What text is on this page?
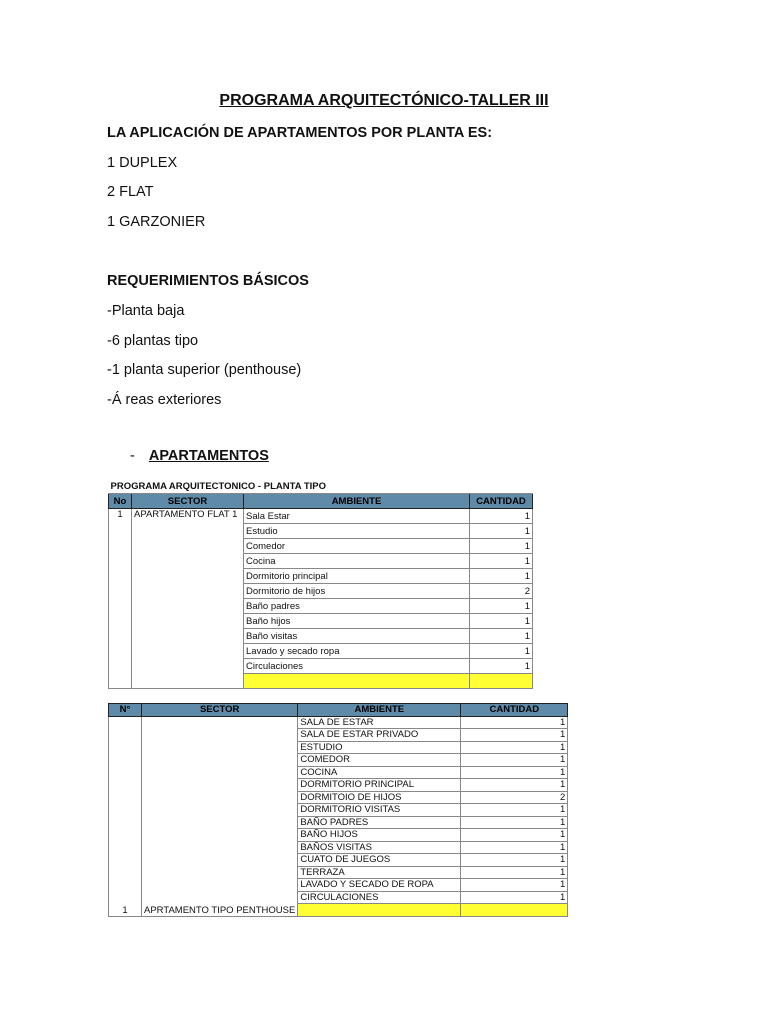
PROGRAMA ARQUITECTÓNICO-TALLER III
LA APLICACIÓN DE APARTAMENTOS POR PLANTA ES:
1 DUPLEX
2 FLAT
1 GARZONIER
REQUERIMIENTOS BÁSICOS
-Planta baja
-6 plantas tipo
-1 planta superior (penthouse)
-Á reas exteriores
- APARTAMENTOS
PROGRAMA ARQUITECTONICO - PLANTA TIPO			
No	SECTOR	AMBIENTE	CANTIDAD
1	APARTAMENTO FLAT 1	Sala Estar	1
		Estudio	1
		Comedor	1
		Cocina	1
		Dormitorio principal	1
		Dormitorio de hijos	2
		Baño padres	1
		Baño hijos	1
		Baño visitas	1
		Lavado y secado ropa	1
		Circulaciones	1

N°	SECTOR	AMBIENTE	CANTIDAD
1	APRTAMENTO TIPO PENTHOUSE	SALA DE ESTAR	1
		SALA DE ESTAR PRIVADO	1
		ESTUDIO	1
		COMEDOR	1
		COCINA	1
		DORMITORIO PRINCIPAL	1
		DORMITOIO DE HIJOS	2
		DORMITORIO VISITAS	1
		BAÑO PADRES	1
		BAÑO HIJOS	1
		BAÑOS VISITAS	1
		CUATO DE JUEGOS	1
		TERRAZA	1
		LAVADO Y SECADO DE ROPA	1
		CIRCULACIONES	1
